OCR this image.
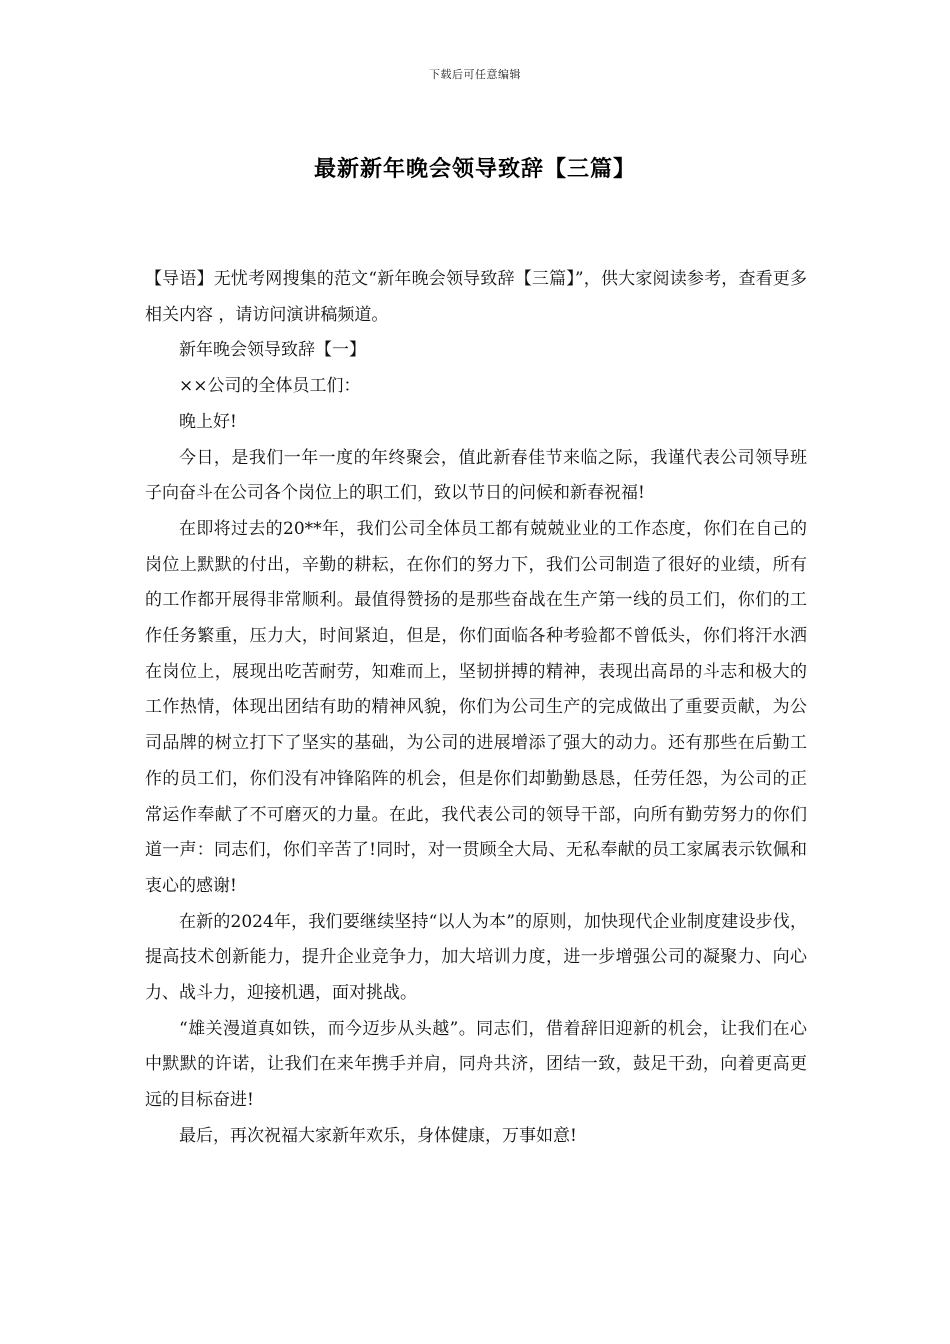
下载后可任意编辑
最新新年晚会领导致辞【三篇】

【导语】无忧考网搜集的范文“新年晚会领导致辞【三篇】”，供大家阅读参考，查看更多相关内容 ，请访问演讲稿频道。

新年晚会领导致辞【一】

××公司的全体员工们：

晚上好!

今日，是我们一年一度的年终聚会，值此新春佳节来临之际，我谨代表公司领导班子向奋斗在公司各个岗位上的职工们，致以节日的问候和新春祝福!

在即将过去的20**年，我们公司全体员工都有兢兢业业的工作态度，你们在自己的岗位上默默的付出，辛勤的耕耘，在你们的努力下，我们公司制造了很好的业绩，所有的工作都开展得非常顺利。最值得赞扬的是那些奋战在生产第一线的员工们，你们的工作任务繁重，压力大，时间紧迫，但是，你们面临各种考验都不曾低头，你们将汗水洒在岗位上，展现出吃苦耐劳，知难而上，坚韧拼搏的精神，表现出高昂的斗志和极大的工作热情，体现出团结有助的精神风貌，你们为公司生产的完成做出了重要贡献，为公司品牌的树立打下了坚实的基础，为公司的进展增添了强大的动力。还有那些在后勤工作的员工们，你们没有冲锋陷阵的机会，但是你们却勤勤恳恳，任劳任怨，为公司的正常运作奉献了不可磨灭的力量。在此，我代表公司的领导干部，向所有勤劳努力的你们道一声：同志们，你们辛苦了!同时，对一贯顾全大局、无私奉献的员工家属表示钦佩和衷心的感谢!

在新的2024年，我们要继续坚持“以人为本”的原则，加快现代企业制度建设步伐，提高技术创新能力，提升企业竞争力，加大培训力度，进一步增强公司的凝聚力、向心力、战斗力，迎接机遇，面对挑战。

“雄关漫道真如铁，而今迈步从头越”。同志们，借着辞旧迎新的机会，让我们在心中默默的许诺，让我们在来年携手并肩，同舟共济，团结一致，鼓足干劲，向着更高更远的目标奋进!

最后，再次祝福大家新年欢乐，身体健康，万事如意!
